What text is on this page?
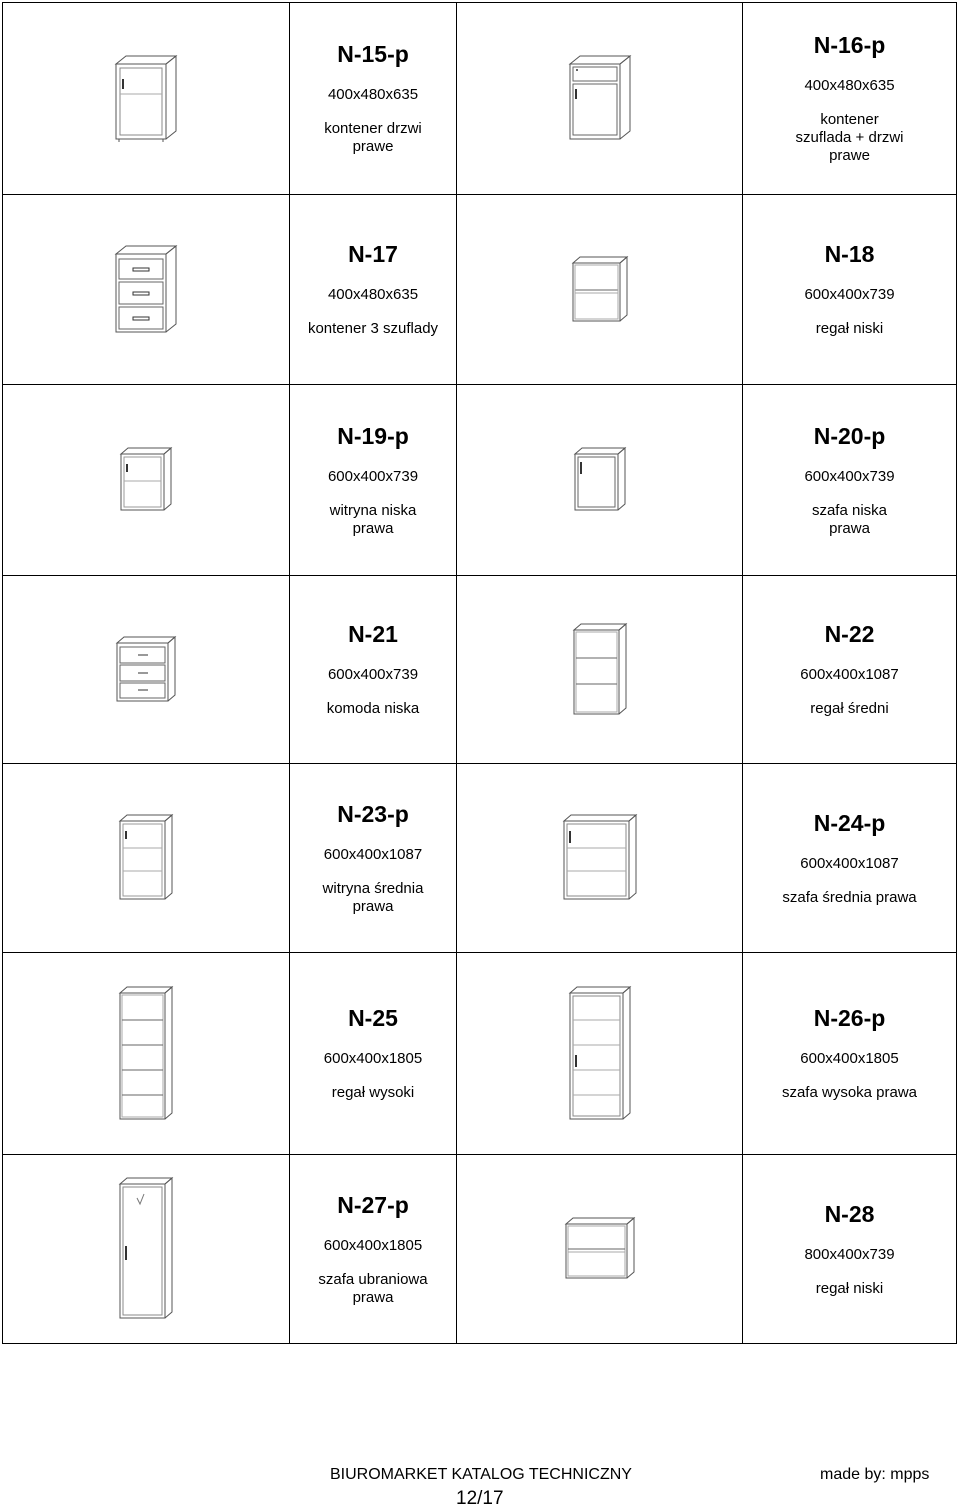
N-15-p
400x480x635
kontener drzwi
prawe
N-16-p
400x480x635
kontener
szuflada + drzwi
prawe
N-17
400x480x635
kontener 3 szuflady
N-18
600x400x739
regał niski
N-19-p
600x400x739
witryna niska
prawa
N-20-p
600x400x739
szafa niska
prawa
N-21
600x400x739
komoda niska
N-22
600x400x1087
regał średni
N-23-p
600x400x1087
witryna średnia
prawa
N-24-p
600x400x1087
szafa średnia prawa
N-25
600x400x1805
regał wysoki
N-26-p
600x400x1805
szafa wysoka prawa
N-27-p
600x400x1805
szafa ubraniowa
prawa
N-28
800x400x739
regał niski
BIUROMARKET KATALOG TECHNICZNY	made by: mpps
12/17
